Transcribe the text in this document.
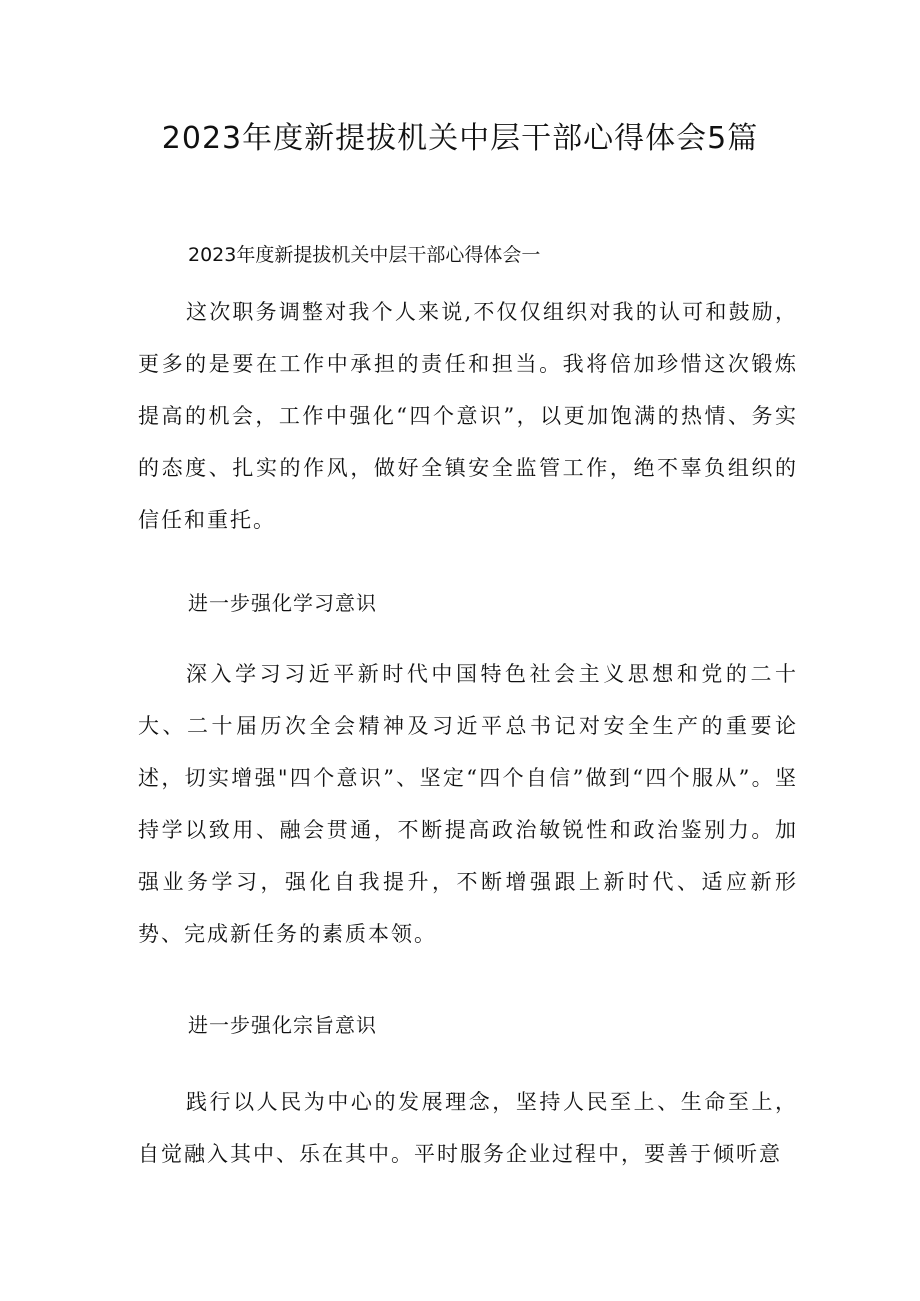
2023年度新提拔机关中层干部心得体会5篇

2023年度新提拔机关中层干部心得体会一

这次职务调整对我个人来说,不仅仅组织对我的认可和鼓励，更多的是要在工作中承担的责任和担当。我将倍加珍惜这次锻炼提高的机会，工作中强化“四个意识”，以更加饱满的热情、务实的态度、扎实的作风，做好全镇安全监管工作，绝不辜负组织的信任和重托。

进一步强化学习意识

深入学习习近平新时代中国特色社会主义思想和党的二十大、二十届历次全会精神及习近平总书记对安全生产的重要论述，切实增强"四个意识”、坚定“四个自信”做到“四个服从”。坚持学以致用、融会贯通，不断提高政治敏锐性和政治鉴别力。加强业务学习，强化自我提升，不断增强跟上新时代、适应新形势、完成新任务的素质本领。

进一步强化宗旨意识

践行以人民为中心的发展理念，坚持人民至上、生命至上，自觉融入其中、乐在其中。平时服务企业过程中，要善于倾听意
